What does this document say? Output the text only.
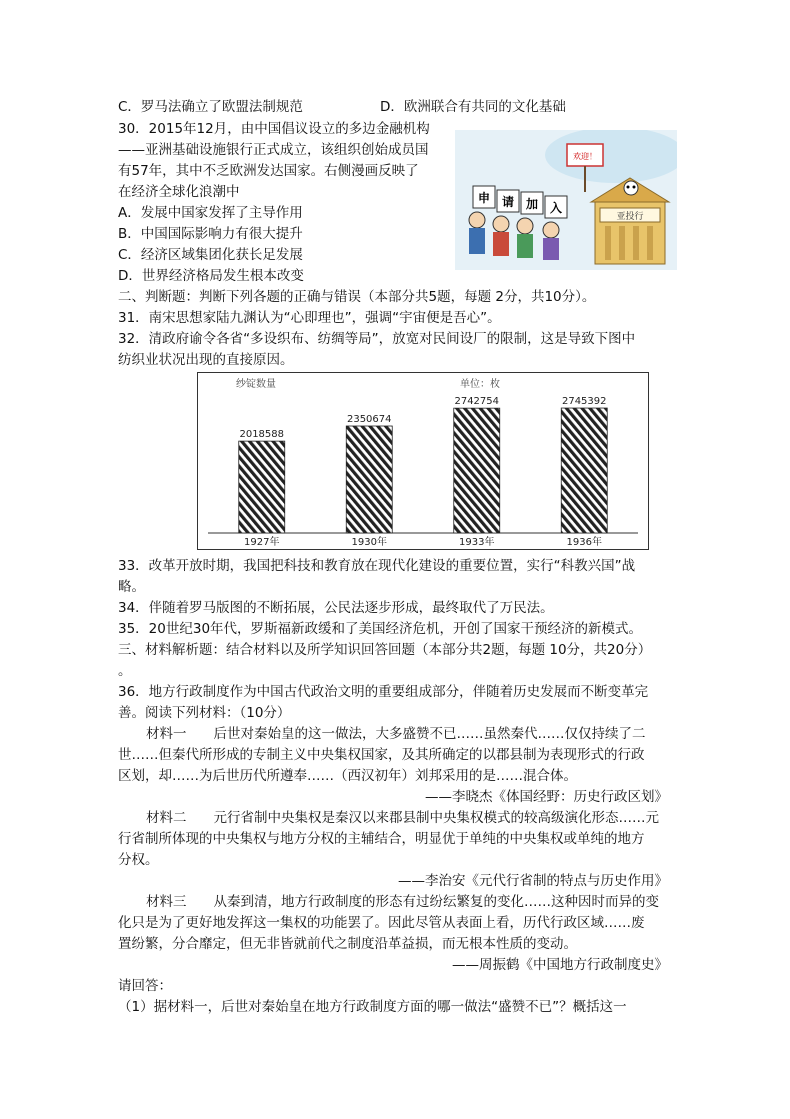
C．罗马法确立了欧盟法制规范	D．欧洲联合有共同的文化基础
30．2015年12月，由中国倡议设立的多边金融机构
——亚洲基础设施银行正式成立，该组织创始成员国
有57年，其中不乏欧洲发达国家。右侧漫画反映了
在经济全球化浪潮中
A．发展中国家发挥了主导作用
B．中国国际影响力有很大提升
C．经济区域集团化获长足发展
D．世界经济格局发生根本改变
欢迎！
亚投行
申 请 加 入
二、判断题：判断下列各题的正确与错误（本部分共5题，每题 2分，共10分）。
31．南宋思想家陆九渊认为“心即理也”，强调“宇宙便是吾心”。
32．清政府谕令各省“多设织布、纺绸等局”，放宽对民间设厂的限制，这是导致下图中
纺织业状况出现的直接原因。
纱锭数量	单位：枚
2018588
1927年
2350674
1930年
2742754
1933年
2745392
1936年
33．改革开放时期，我国把科技和教育放在现代化建设的重要位置，实行“科教兴国”战
略。
34．伴随着罗马版图的不断拓展，公民法逐步形成，最终取代了万民法。
35．20世纪30年代，罗斯福新政缓和了美国经济危机，开创了国家干预经济的新模式。
三、材料解析题：结合材料以及所学知识回答回题（本部分共2题，每题 10分，共20分）
。
36．地方行政制度作为中国古代政治文明的重要组成部分，伴随着历史发展而不断变革完
善。阅读下列材料：（10分）
材料一　　后世对秦始皇的这一做法，大多盛赞不已……虽然秦代……仅仅持续了二
世……但秦代所形成的专制主义中央集权国家，及其所确定的以郡县制为表现形式的行政
区划，却……为后世历代所遵奉……（西汉初年）刘邦采用的是……混合体。
——李晓杰《体国经野：历史行政区划》
材料二　　元行省制中央集权是秦汉以来郡县制中央集权模式的较高级演化形态……元
行省制所体现的中央集权与地方分权的主辅结合，明显优于单纯的中央集权或单纯的地方
分权。
——李治安《元代行省制的特点与历史作用》
材料三　　从秦到清，地方行政制度的形态有过纷纭繁复的变化……这种因时而异的变
化只是为了更好地发挥这一集权的功能罢了。因此尽管从表面上看，历代行政区域……废
置纷繁，分合靡定，但无非皆就前代之制度沿革益损，而无根本性质的变动。
——周振鹤《中国地方行政制度史》
请回答：
（1）据材料一，后世对秦始皇在地方行政制度方面的哪一做法“盛赞不已”？概括这一
